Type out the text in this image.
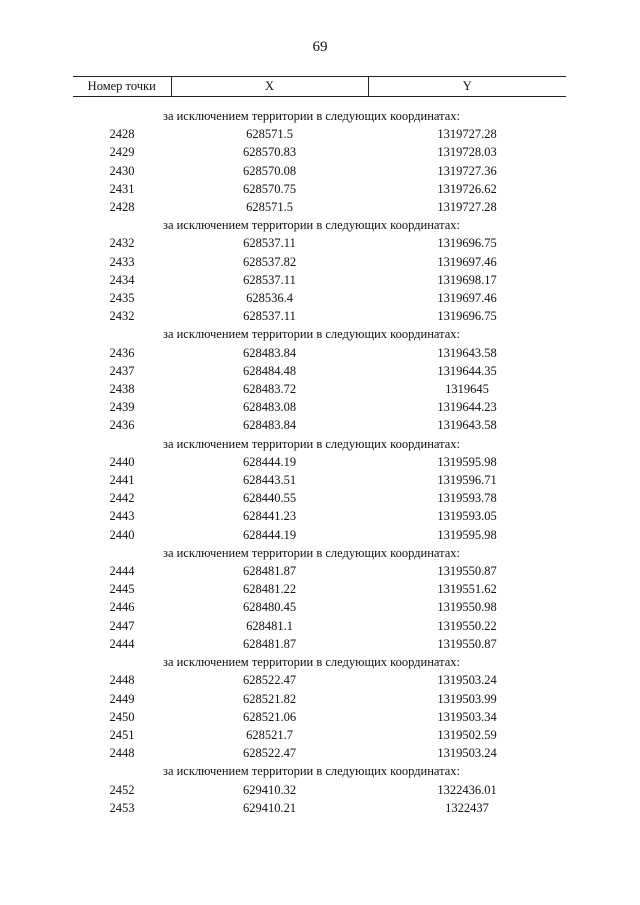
69
Номер точки	X	Y

за исключением территории в следующих координатах:		
2428	628571.5	1319727.28
2429	628570.83	1319728.03
2430	628570.08	1319727.36
2431	628570.75	1319726.62
2428	628571.5	1319727.28
за исключением территории в следующих координатах:		
2432	628537.11	1319696.75
2433	628537.82	1319697.46
2434	628537.11	1319698.17
2435	628536.4	1319697.46
2432	628537.11	1319696.75
за исключением территории в следующих координатах:		
2436	628483.84	1319643.58
2437	628484.48	1319644.35
2438	628483.72	1319645
2439	628483.08	1319644.23
2436	628483.84	1319643.58
за исключением территории в следующих координатах:		
2440	628444.19	1319595.98
2441	628443.51	1319596.71
2442	628440.55	1319593.78
2443	628441.23	1319593.05
2440	628444.19	1319595.98
за исключением территории в следующих координатах:		
2444	628481.87	1319550.87
2445	628481.22	1319551.62
2446	628480.45	1319550.98
2447	628481.1	1319550.22
2444	628481.87	1319550.87
за исключением территории в следующих координатах:		
2448	628522.47	1319503.24
2449	628521.82	1319503.99
2450	628521.06	1319503.34
2451	628521.7	1319502.59
2448	628522.47	1319503.24
за исключением территории в следующих координатах:		
2452	629410.32	1322436.01
2453	629410.21	1322437
